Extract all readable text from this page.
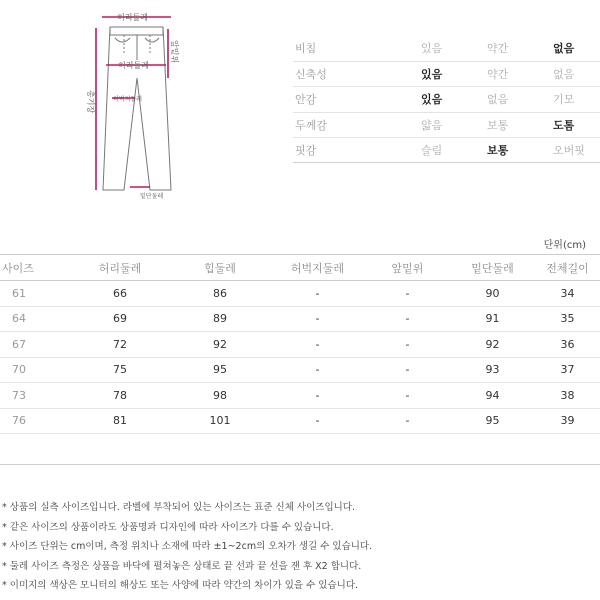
허리둘레
앞밑위
허리둘레
허벅지둘레
총기장
밑단둘레
비침	있음	약간	없음
신축성	있음	약간	없음
안감	있음	없음	기모
두께감	얇음	보통	도톰
핏감	슬림	보통	오버핏
단위(cm)
사이즈	허리둘레	힙둘레	허벅지둘레	앞밑위	밑단둘레	전체길이
61	66	86	-	-	90	34
64	69	89	-	-	91	35
67	72	92	-	-	92	36
70	75	95	-	-	93	37
73	78	98	-	-	94	38
76	81	101	-	-	95	39

* 상품의 실측 사이즈입니다. 라벨에 부착되어 있는 사이즈는 표준 신체 사이즈입니다.
* 같은 사이즈의 상품이라도 상품명과 디자인에 따라 사이즈가 다를 수 있습니다.
* 사이즈 단위는 cm이며, 측정 위치나 소재에 따라 ±1~2cm의 오차가 생길 수 있습니다.
* 둘레 사이즈 측정은 상품을 바닥에 펼쳐놓은 상태로 끝 선과 끝 선을 잰 후 X2 합니다.
* 이미지의 색상은 모니터의 해상도 또는 사양에 따라 약간의 차이가 있을 수 있습니다.
